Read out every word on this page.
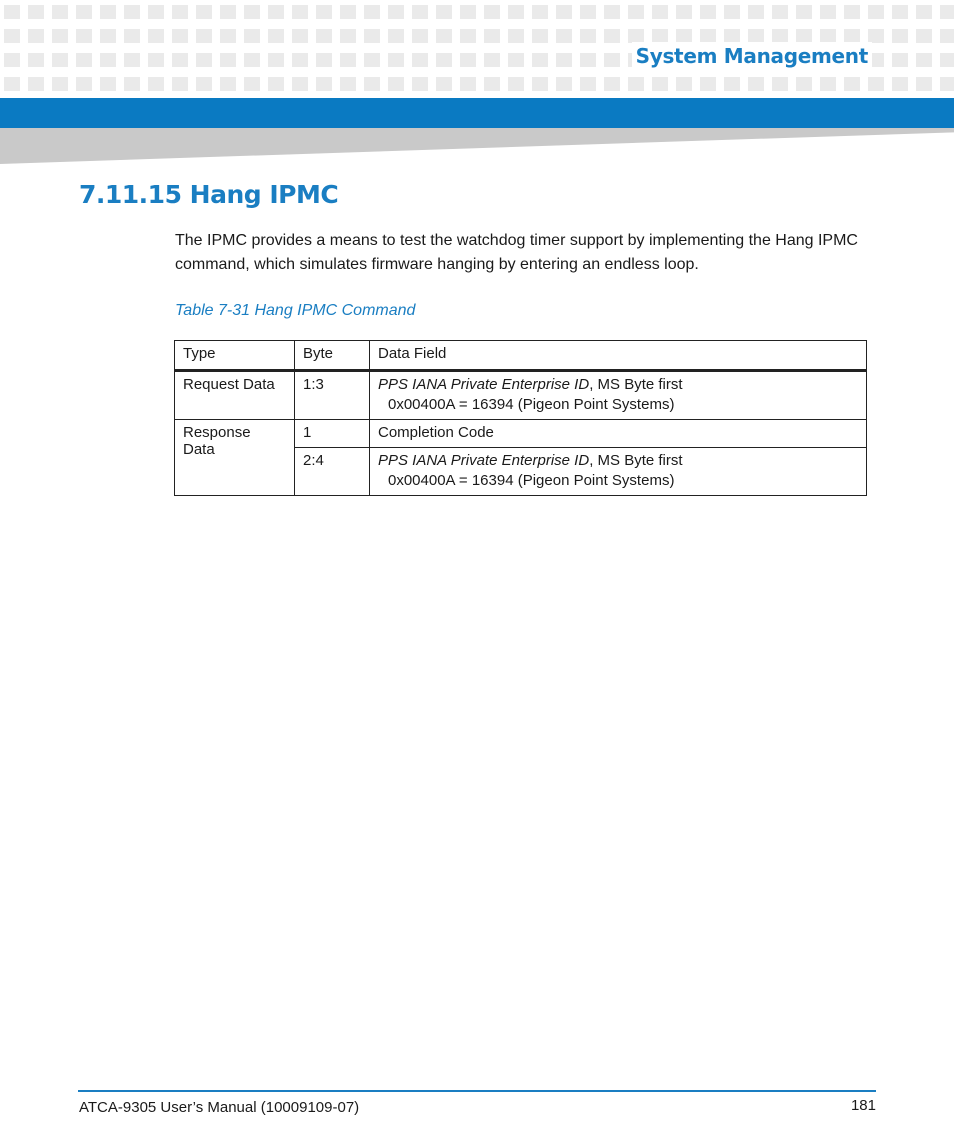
System Management

7.11.15 Hang IPMC

The IPMC provides a means to test the watchdog timer support by implementing the Hang IPMC command, which simulates firmware hanging by entering an endless loop.

Table 7-31 Hang IPMC Command

Type	Byte	Data Field
Request Data	1:3	PPS IANA Private Enterprise ID, MS Byte first
0x00400A = 16394 (Pigeon Point Systems)

Response Data	1	Completion Code
	2:4	PPS IANA Private Enterprise ID, MS Byte first
0x00400A = 16394 (Pigeon Point Systems)

ATCA-9305 User’s Manual (10009109-07)	181
